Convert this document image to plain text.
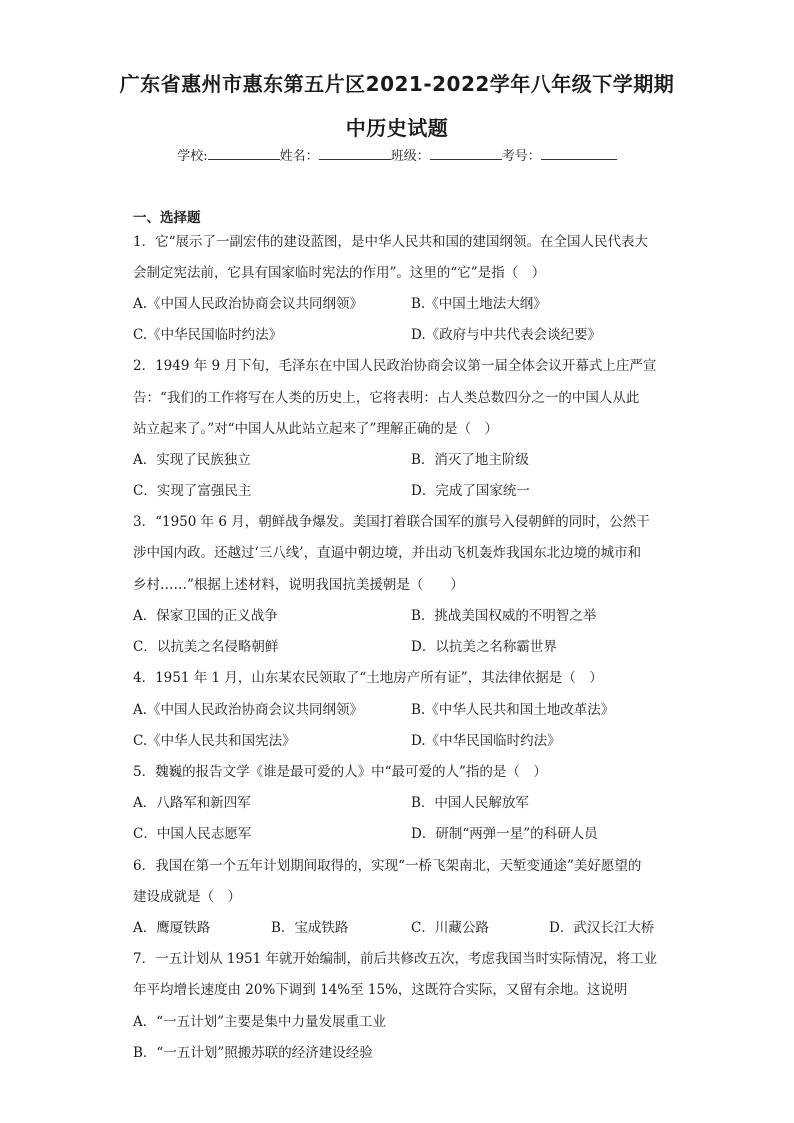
广东省惠州市惠东第五片区2021-2022学年八年级下学期期
中历史试题
学校:	姓名：	班级：	考号：
一、选择题
1．它“展示了一副宏伟的建设蓝图，是中华人民共和国的建国纲领。在全国人民代表大
会制定宪法前，它具有国家临时宪法的作用”。这里的“它”是指（　）
A.《中国人民政治协商会议共同纲领》	B.《中国土地法大纲》
C.《中华民国临时约法》	D.《政府与中共代表会谈纪要》
2．1949 年 9 月下旬，毛泽东在中国人民政治协商会议第一届全体会议开幕式上庄严宣
告：“我们的工作将写在人类的历史上，它将表明：占人类总数四分之一的中国人从此
站立起来了。”对“中国人从此站立起来了”理解正确的是（　）
A．实现了民族独立	B．消灭了地主阶级
C．实现了富强民主	D．完成了国家统一
3．“1950 年 6 月，朝鲜战争爆发。美国打着联合国军的旗号入侵朝鲜的同时，公然干
涉中国内政。还越过‘三八线’，直逼中朝边境，并出动飞机轰炸我国东北边境的城市和
乡村……”根据上述材料，说明我国抗美援朝是（　　）
A．保家卫国的正义战争	B．挑战美国权威的不明智之举
C．以抗美之名侵略朝鲜	D．以抗美之名称霸世界
4．1951 年 1 月，山东某农民领取了“土地房产所有证”，其法律依据是（　）
A.《中国人民政治协商会议共同纲领》	B.《中华人民共和国土地改革法》
C.《中华人民共和国宪法》	D.《中华民国临时约法》
5．魏巍的报告文学《谁是最可爱的人》中“最可爱的人”指的是（　）
A．八路军和新四军	B．中国人民解放军
C．中国人民志愿军	D．研制“两弹一星”的科研人员
6．我国在第一个五年计划期间取得的，实现“一桥飞架南北，天堑变通途”美好愿望的
建设成就是（　）
A．鹰厦铁路	B．宝成铁路	C．川藏公路	D．武汉长江大桥
7．一五计划从 1951 年就开始编制，前后共修改五次，考虑我国当时实际情况，将工业
年平均增长速度由 20%下调到 14%至 15%，这既符合实际，又留有余地。这说明
A．“一五计划”主要是集中力量发展重工业
B．“一五计划”照搬苏联的经济建设经验
